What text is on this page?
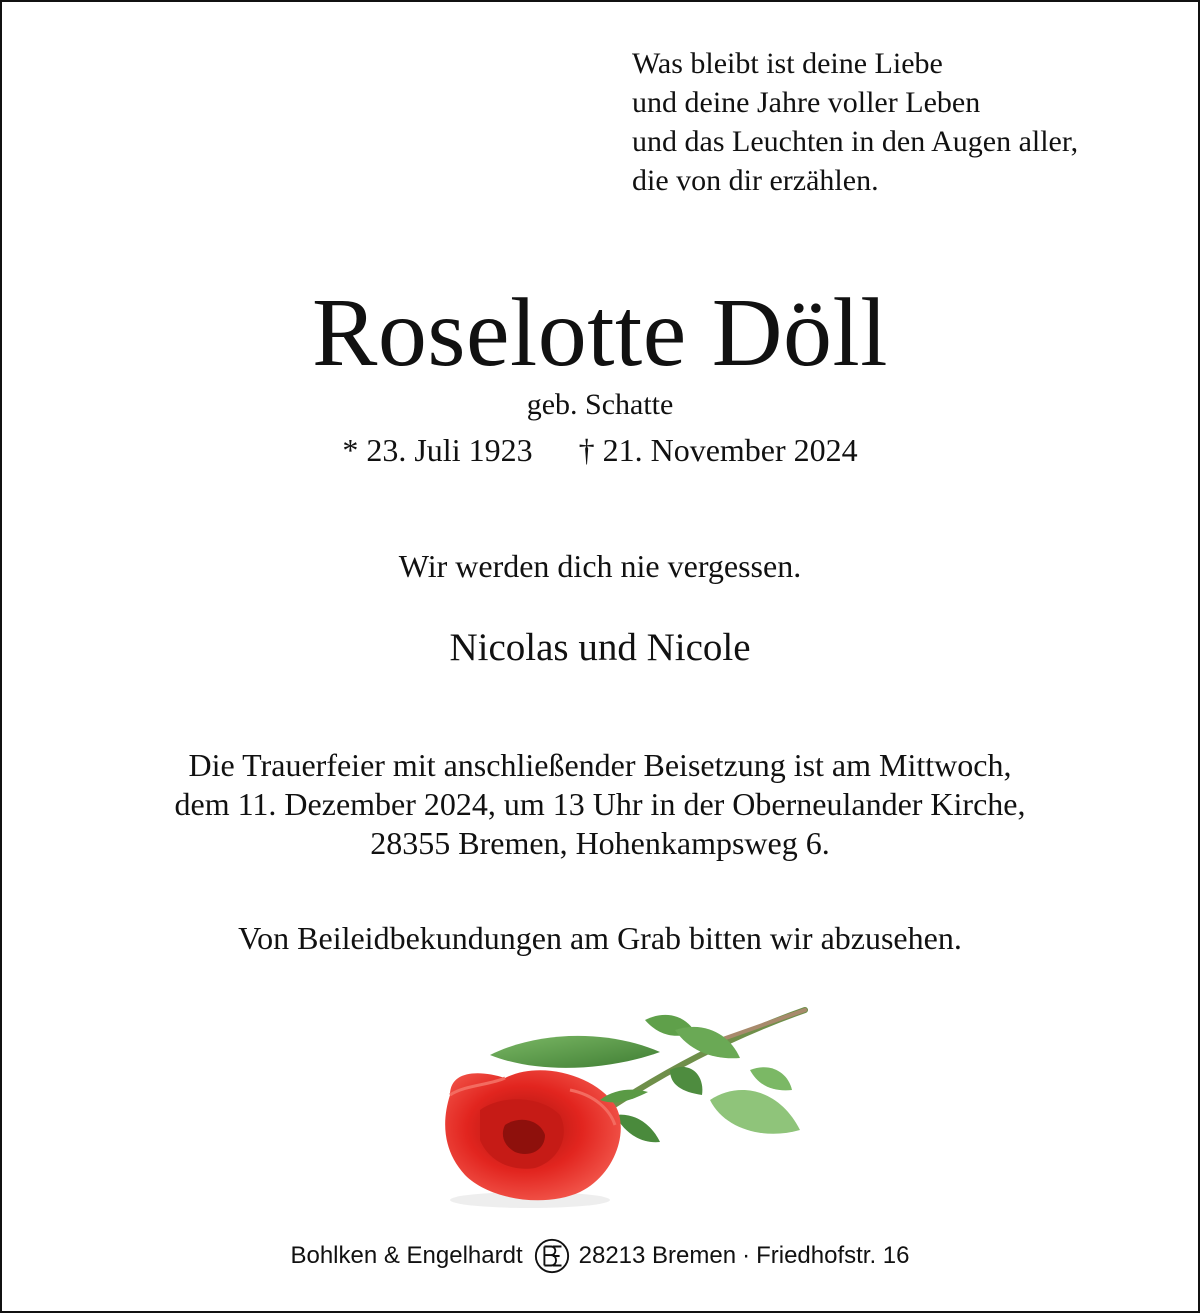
Was bleibt ist deine Liebe
und deine Jahre voller Leben
und das Leuchten in den Augen aller,
die von dir erzählen.
Roselotte Döll
geb. Schatte
* 23. Juli 1923 † 21. November 2024
Wir werden dich nie vergessen.
Nicolas und Nicole
Die Trauerfeier mit anschließender Beisetzung ist am Mittwoch,
dem 11. Dezember 2024, um 13 Uhr in der Oberneulander Kirche,
28355 Bremen, Hohenkampsweg 6.
Von Beileidbekundungen am Grab bitten wir abzusehen.
Bohlken & Engelhardt 28213 Bremen · Friedhofstr. 16
